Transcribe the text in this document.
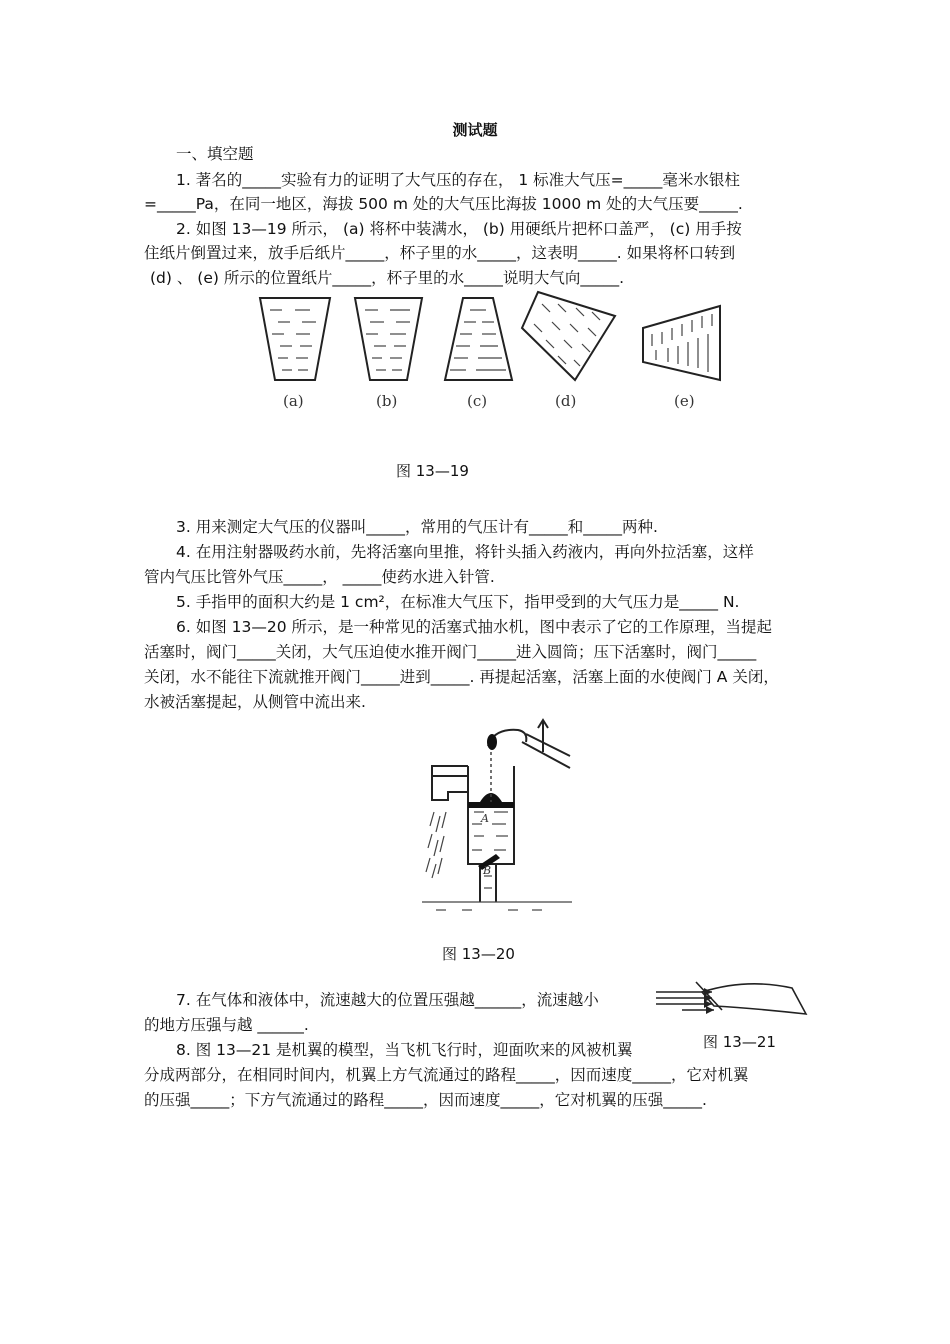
测试题
一、填空题
1. 著名的_____实验有力的证明了大气压的存在， 1 标准大气压=_____毫米水银柱
=_____Pa，在同一地区，海拔 500 m 处的大气压比海拔 1000 m 处的大气压要_____.
2. 如图 13—19 所示， (a) 将杯中装满水， (b) 用硬纸片把杯口盖严， (c) 用手按
住纸片倒置过来，放手后纸片_____，杯子里的水_____，这表明_____. 如果将杯口转到
(d) 、 (e) 所示的位置纸片_____，杯子里的水_____说明大气向_____.
(a)	(b)	(c)	(d)	(e)
图 13—19
3. 用来测定大气压的仪器叫_____，常用的气压计有_____和_____两种.
4. 在用注射器吸药水前，先将活塞向里推，将针头插入药液内，再向外拉活塞，这样
管内气压比管外气压_____， _____使药水进入针管.
5. 手指甲的面积大约是 1 cm²，在标准大气压下，指甲受到的大气压力是_____ N.
6. 如图 13—20 所示，是一种常见的活塞式抽水机，图中表示了它的工作原理，当提起
活塞时，阀门_____关闭，大气压迫使水推开阀门_____进入圆筒；压下活塞时，阀门_____
关闭，水不能往下流就推开阀门_____进到_____. 再提起活塞，活塞上面的水使阀门 A 关闭，
水被活塞提起，从侧管中流出来.
A
B
图 13—20
7. 在气体和液体中，流速越大的位置压强越______，流速越小
的地方压强与越 ______.
图 13—21
8. 图 13—21 是机翼的模型，当飞机飞行时，迎面吹来的风被机翼
分成两部分，在相同时间内，机翼上方气流通过的路程_____，因而速度_____，它对机翼
的压强_____；下方气流通过的路程_____，因而速度_____，它对机翼的压强_____.
